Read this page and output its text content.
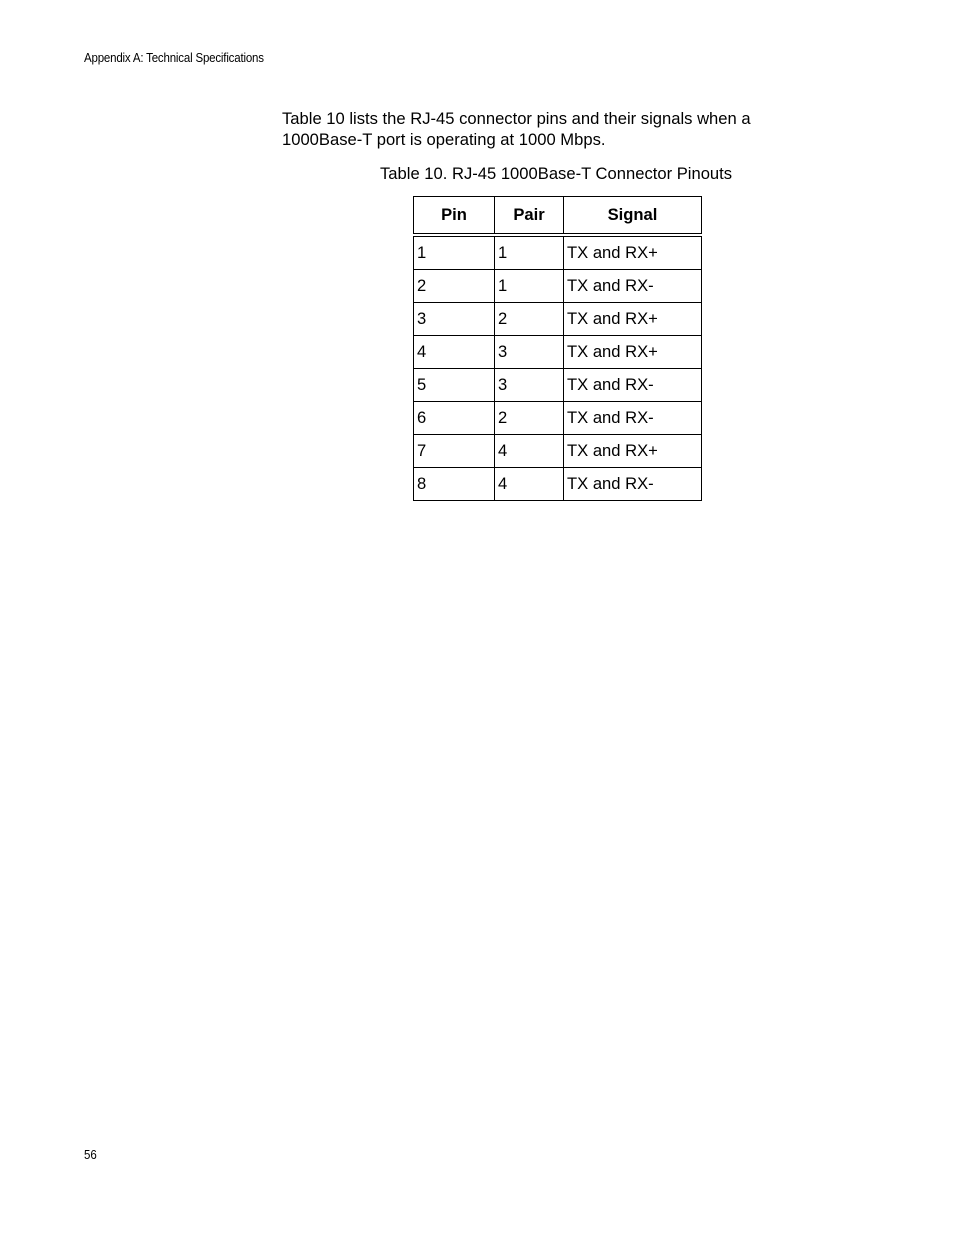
Appendix A: Technical Specifications

Table 10 lists the RJ-45 connector pins and their signals when a 1000Base-T port is operating at 1000 Mbps.

Table 10. RJ-45 1000Base-T Connector Pinouts
Pin	Pair	Signal
1	1	TX and RX+
2	1	TX and RX-
3	2	TX and RX+
4	3	TX and RX+
5	3	TX and RX-
6	2	TX and RX-
7	4	TX and RX+
8	4	TX and RX-
56
